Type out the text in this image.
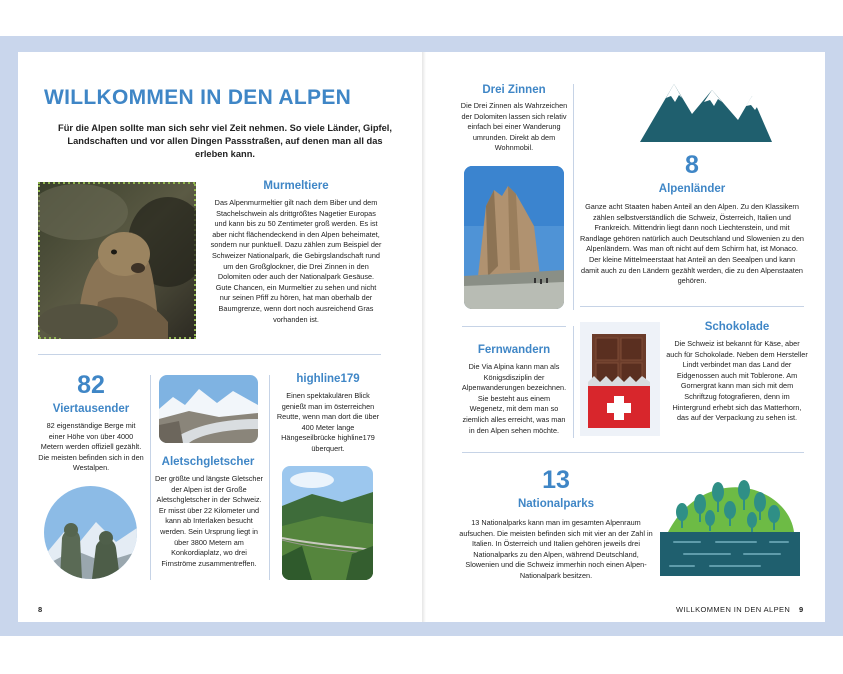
WILLKOMMEN IN DEN ALPEN
Für die Alpen sollte man sich sehr viel Zeit nehmen. So viele Länder, Gipfel, Landschaften und vor allen Dingen Passstraßen, auf denen man all das erleben kann.
Murmeltiere
Das Alpenmurmeltier gilt nach dem Biber und dem Stachelschwein als drittgrößtes Nagetier Europas und kann bis zu 50 Zentimeter groß werden. Es ist aber nicht flächendeckend in den Alpen beheimatet, sondern nur punktuell. Dazu zählen zum Beispiel der Schweizer Nationalpark, die Gebirgslandschaft rund um den Großglockner, die Drei Zinnen in den Dolomiten oder auch der Nationalpark Gesäuse. Gute Chancen, ein Murmeltier zu sehen und nicht nur seinen Pfiff zu hören, hat man oberhalb der Baumgrenze, wenn dort noch ausreichend Gras vorhanden ist.
82
Viertausender
82 eigenständige Berge mit einer Höhe von über 4000 Metern werden offiziell gezählt. Die meisten befinden sich in den Westalpen.	Aletschgletscher
Der größte und längste Gletscher der Alpen ist der Große Aletschgletscher in der Schweiz. Er misst über 22 Kilometer und kann ab Interlaken besucht werden. Sein Ursprung liegt in über 3800 Metern am Konkordiaplatz, wo drei Firnströme zusammentreffen.
highline179
Einen spektakulären Blick genießt man im österreichen Reutte, wenn man dort die über 400 Meter lange Hängeseilbrücke highline179 überquert.
8
Drei Zinnen
Die Drei Zinnen als Wahrzeichen der Dolomiten lassen sich relativ einfach bei einer Wanderung umrunden. Direkt ab dem Wohnmobil.
8
Alpenländer
Ganze acht Staaten haben Anteil an den Alpen. Zu den Klassikern zählen selbstverständlich die Schweiz, Österreich, Italien und Frankreich. Mittendrin liegt dann noch Liechtenstein, und mit Randlage gehören natürlich auch Deutschland und Slowenien zu den Alpenländern. Was man oft nicht auf dem Schirm hat, ist Monaco. Der kleine Mittelmeerstaat hat Anteil an den Seealpen und kann damit auch zu den Ländern gezählt werden, die zu den Alpenstaaten gehören.
Fernwandern
Die Via Alpina kann man als Königsdisziplin der Alpenwanderungen bezeichnen. Sie besteht aus einem Wegenetz, mit dem man so ziemlich alles erreicht, was man in den Alpen sehen möchte.
Schokolade
Die Schweiz ist bekannt für Käse, aber auch für Schokolade. Neben dem Hersteller Lindt verbindet man das Land der Eidgenossen auch mit Toblerone. Am Gornergrat kann man sich mit dem Schriftzug fotografieren, denn im Hintergrund erhebt sich das Matterhorn, das auf der Verpackung zu sehen ist.
13
Nationalparks
13 Nationalparks kann man im gesamten Alpenraum aufsuchen. Die meisten befinden sich mit vier an der Zahl in Italien. In Österreich und Italien gehören jeweils drei Nationalparks zu den Alpen, während Deutschland, Slowenien und die Schweiz immerhin noch einen Alpen-Nationalpark besitzen.
WILLKOMMEN IN DEN ALPEN 9
